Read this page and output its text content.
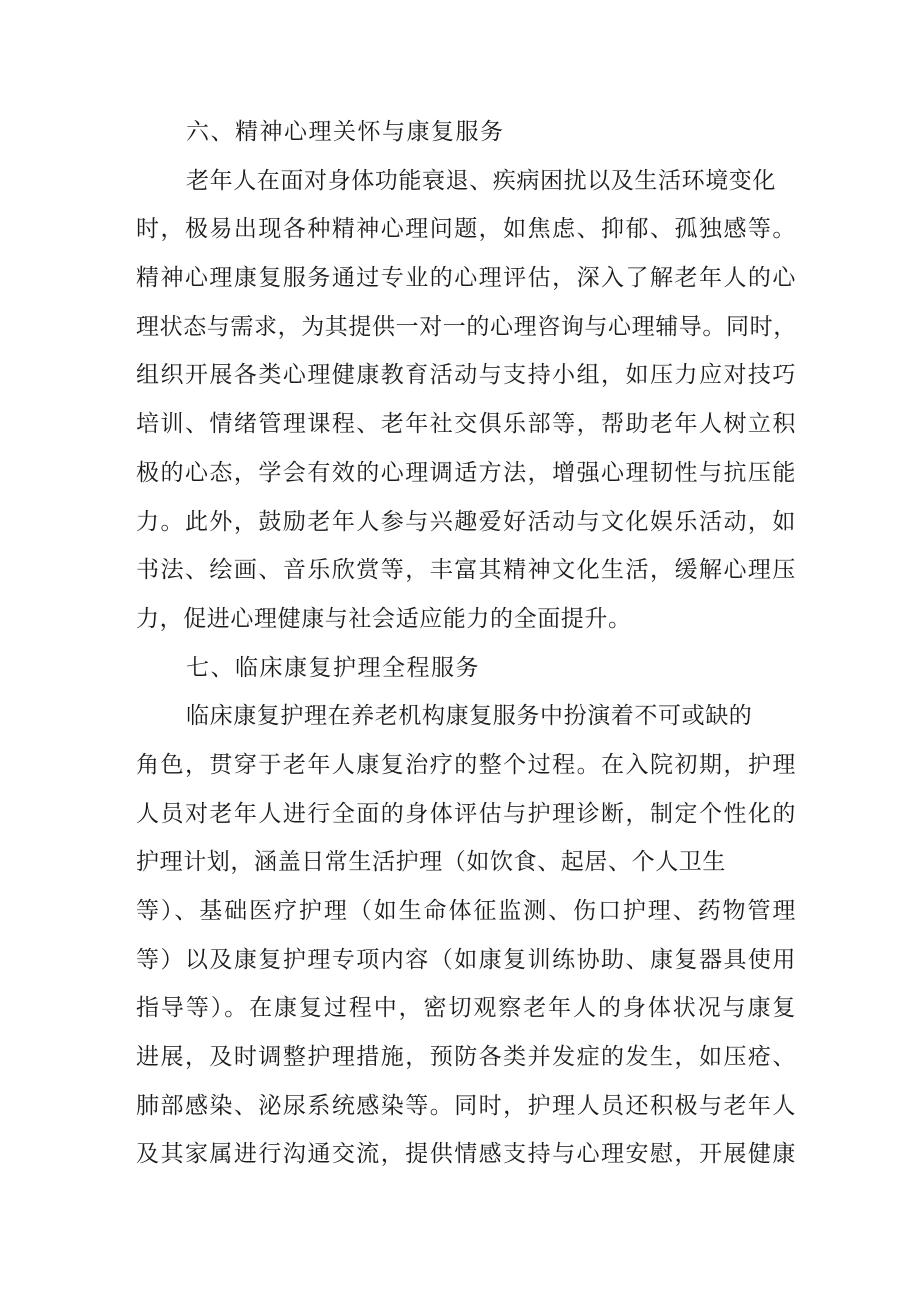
六、精神心理关怀与康复服务
老年人在面对身体功能衰退、疾病困扰以及生活环境变化
时，极易出现各种精神心理问题，如焦虑、抑郁、孤独感等。
精神心理康复服务通过专业的心理评估，深入了解老年人的心
理状态与需求，为其提供一对一的心理咨询与心理辅导。同时，
组织开展各类心理健康教育活动与支持小组，如压力应对技巧
培训、情绪管理课程、老年社交俱乐部等，帮助老年人树立积
极的心态，学会有效的心理调适方法，增强心理韧性与抗压能
力。此外，鼓励老年人参与兴趣爱好活动与文化娱乐活动，如
书法、绘画、音乐欣赏等，丰富其精神文化生活，缓解心理压
力，促进心理健康与社会适应能力的全面提升。
七、临床康复护理全程服务
临床康复护理在养老机构康复服务中扮演着不可或缺的
角色，贯穿于老年人康复治疗的整个过程。在入院初期，护理
人员对老年人进行全面的身体评估与护理诊断，制定个性化的
护理计划，涵盖日常生活护理（如饮食、起居、个人卫生
等）、基础医疗护理（如生命体征监测、伤口护理、药物管理
等）以及康复护理专项内容（如康复训练协助、康复器具使用
指导等）。在康复过程中，密切观察老年人的身体状况与康复
进展，及时调整护理措施，预防各类并发症的发生，如压疮、
肺部感染、泌尿系统感染等。同时，护理人员还积极与老年人
及其家属进行沟通交流，提供情感支持与心理安慰，开展健康
